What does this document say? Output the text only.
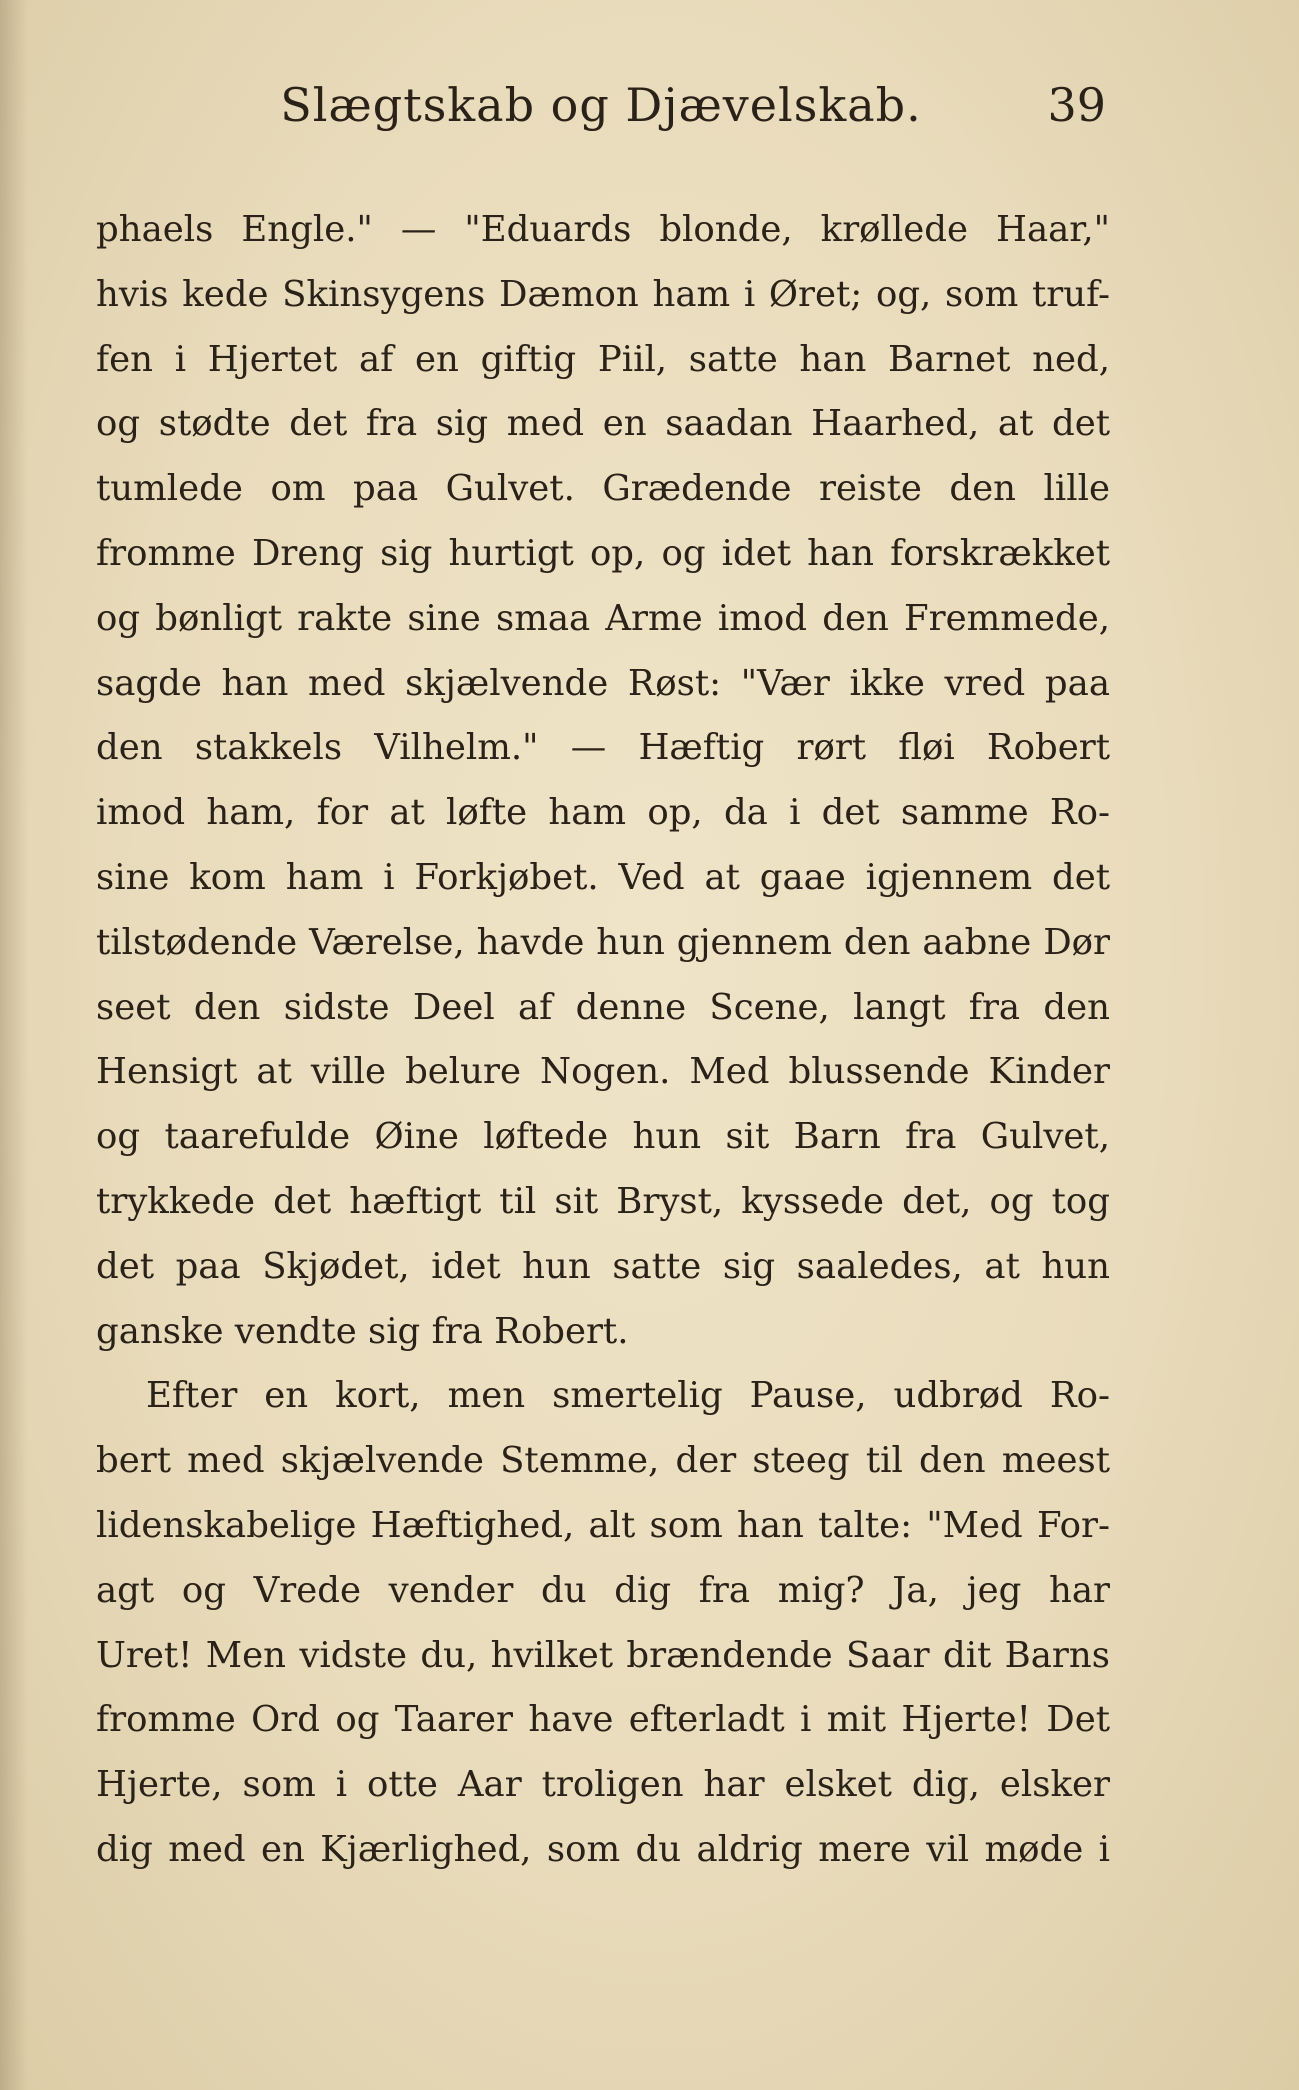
Slægtskab og Djævelskab.	39
phaels Engle." — "Eduards blonde, krøllede Haar,"
hvis kede Skinsygens Dæmon ham i Øret; og, som truf-
fen i Hjertet af en giftig Piil, satte han Barnet ned,
og stødte det fra sig med en saadan Haarhed, at det
tumlede om paa Gulvet. Grædende reiste den lille
fromme Dreng sig hurtigt op, og idet han forskrækket
og bønligt rakte sine smaa Arme imod den Fremmede,
sagde han med skjælvende Røst: "Vær ikke vred paa
den stakkels Vilhelm." — Hæftig rørt fløi Robert
imod ham, for at løfte ham op, da i det samme Ro-
sine kom ham i Forkjøbet. Ved at gaae igjennem det
tilstødende Værelse, havde hun gjennem den aabne Dør
seet den sidste Deel af denne Scene, langt fra den
Hensigt at ville belure Nogen. Med blussende Kinder
og taarefulde Øine løftede hun sit Barn fra Gulvet,
trykkede det hæftigt til sit Bryst, kyssede det, og tog
det paa Skjødet, idet hun satte sig saaledes, at hun
ganske vendte sig fra Robert.
Efter en kort, men smertelig Pause, udbrød Ro-
bert med skjælvende Stemme, der steeg til den meest
lidenskabelige Hæftighed, alt som han talte: "Med For-
agt og Vrede vender du dig fra mig? Ja, jeg har
Uret! Men vidste du, hvilket brændende Saar dit Barns
fromme Ord og Taarer have efterladt i mit Hjerte! Det
Hjerte, som i otte Aar troligen har elsket dig, elsker
dig med en Kjærlighed, som du aldrig mere vil møde i
